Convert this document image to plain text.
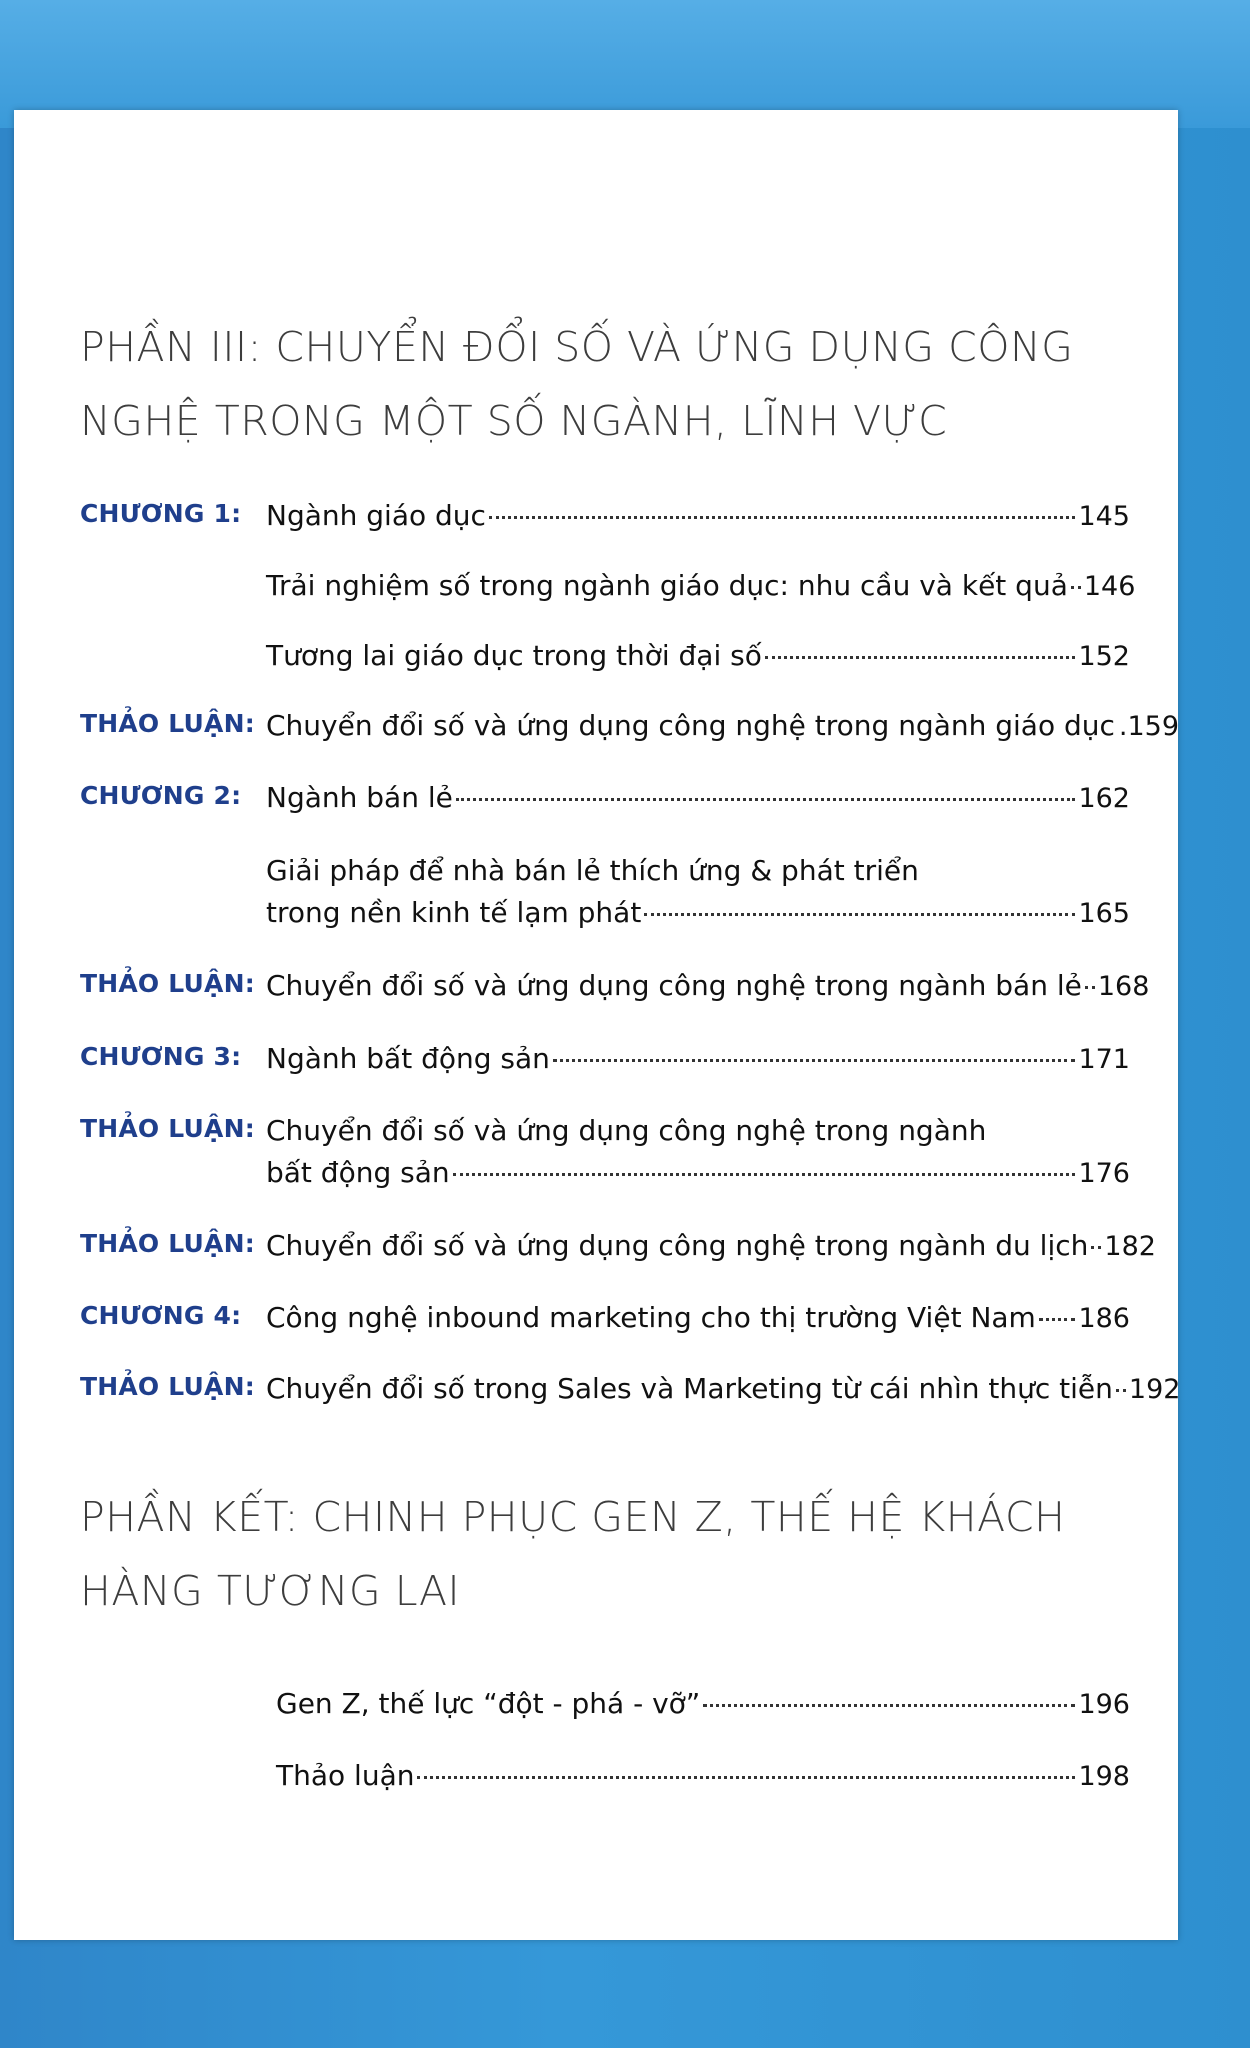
PHẦN III: CHUYỂN ĐỔI SỐ VÀ ỨNG DỤNG CÔNG
NGHỆ TRONG MỘT SỐ NGÀNH, LĨNH VỰC
CHƯƠNG 1: Ngành giáo dục	145
Trải nghiệm số trong ngành giáo dục: nhu cầu và kết quả 146
Tương lai giáo dục trong thời đại số	152
THẢO LUẬN: Chuyển đổi số và ứng dụng công nghệ trong ngành giáo dục .159
CHƯƠNG 2: Ngành bán lẻ	162
Giải pháp để nhà bán lẻ thích ứng & phát triển
trong nền kinh tế lạm phát	165
THẢO LUẬN: Chuyển đổi số và ứng dụng công nghệ trong ngành bán lẻ 168
CHƯƠNG 3: Ngành bất động sản	171
THẢO LUẬN: Chuyển đổi số và ứng dụng công nghệ trong ngành
bất động sản	176
THẢO LUẬN: Chuyển đổi số và ứng dụng công nghệ trong ngành du lịch 182
CHƯƠNG 4: Công nghệ inbound marketing cho thị trường Việt Nam 186
THẢO LUẬN: Chuyển đổi số trong Sales và Marketing từ cái nhìn thực tiễn 192
PHẦN KẾT: CHINH PHỤC GEN Z, THẾ HỆ KHÁCH
HÀNG TƯƠNG LAI
Gen Z, thế lực “đột - phá - vỡ”	196
Thảo luận	198
